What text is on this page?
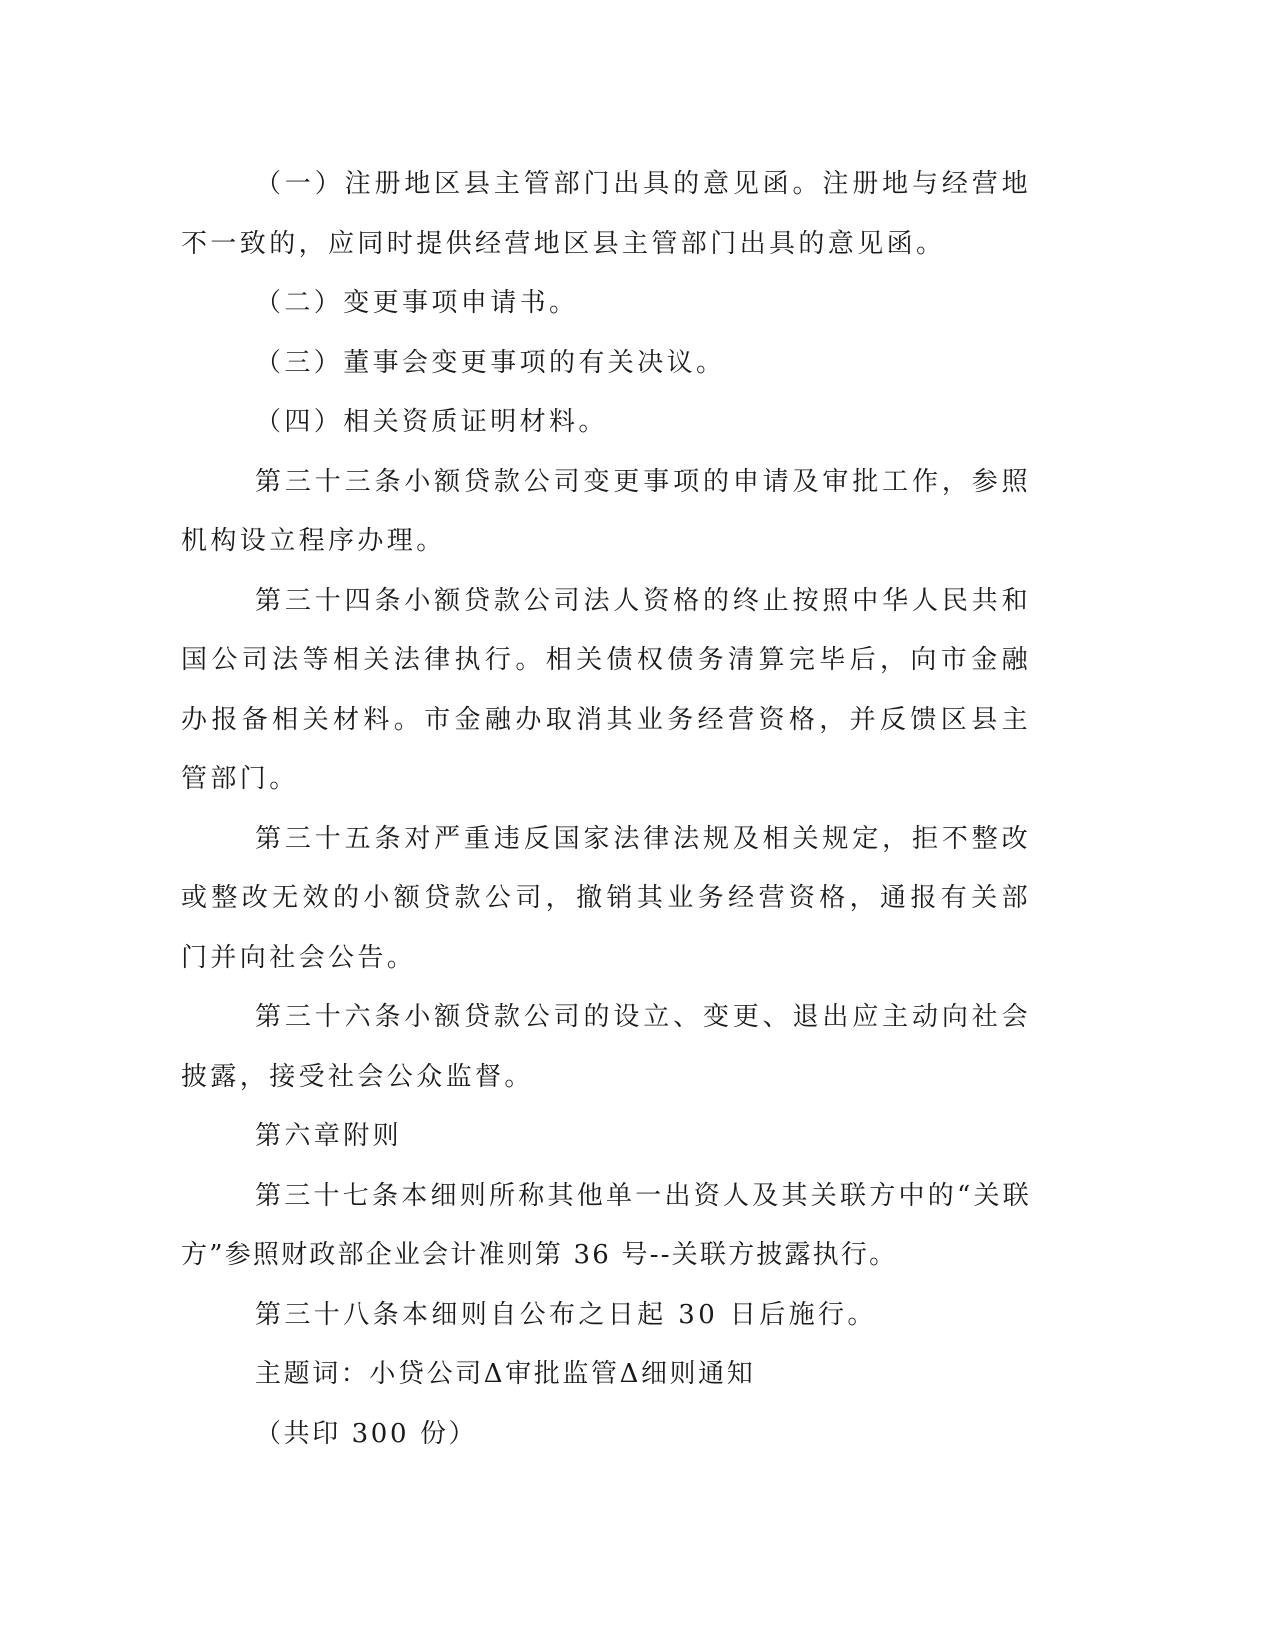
（一）注册地区县主管部门出具的意见函。注册地与经营地不一致的，应同时提供经营地区县主管部门出具的意见函。

（二）变更事项申请书。

（三）董事会变更事项的有关决议。

（四）相关资质证明材料。

第三十三条小额贷款公司变更事项的申请及审批工作，参照机构设立程序办理。

第三十四条小额贷款公司法人资格的终止按照中华人民共和国公司法等相关法律执行。相关债权债务清算完毕后，向市金融办报备相关材料。市金融办取消其业务经营资格，并反馈区县主管部门。

第三十五条对严重违反国家法律法规及相关规定，拒不整改或整改无效的小额贷款公司，撤销其业务经营资格，通报有关部门并向社会公告。

第三十六条小额贷款公司的设立、变更、退出应主动向社会披露，接受社会公众监督。

第六章附则

第三十七条本细则所称其他单一出资人及其关联方中的“关联方”参照财政部企业会计准则第 36 号--关联方披露执行。

第三十八条本细则自公布之日起 30 日后施行。

主题词：小贷公司Δ审批监管Δ细则通知

（共印 300 份）
